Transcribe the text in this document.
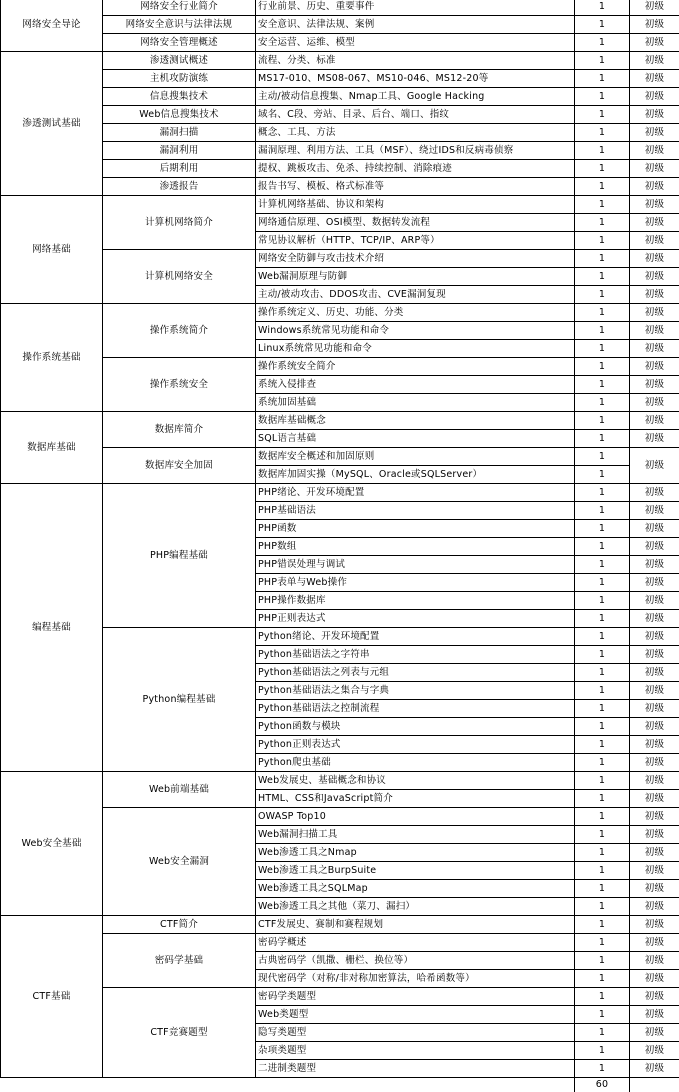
网络安全导论	网络安全行业简介	行业前景、历史、重要事件	1	初级
	网络安全意识与法律法规	安全意识、法律法规、案例	1	初级
	网络安全管理概述	安全运营、运维、模型	1	初级
渗透测试基础	渗透测试概述	流程、分类、标准	1	初级
	主机攻防演练	MS17-010、MS08-067、MS10-046、MS12-20等	1	初级
	信息搜集技术	主动/被动信息搜集、Nmap工具、Google Hacking	1	初级
	Web信息搜集技术	域名、C段、旁站、目录、后台、端口、指纹	1	初级
	漏洞扫描	概念、工具、方法	1	初级
	漏洞利用	漏洞原理、利用方法、工具（MSF）、绕过IDS和反病毒侦察	1	初级
	后期利用	提权、跳板攻击、免杀、持续控制、消除痕迹	1	初级
	渗透报告	报告书写、模板、格式标准等	1	初级
网络基础	计算机网络简介	计算机网络基础、协议和架构	1	初级
		网络通信原理、OSI模型、数据转发流程	1	初级
		常见协议解析（HTTP、TCP/IP、ARP等）	1	初级
	计算机网络安全	网络安全防御与攻击技术介绍	1	初级
		Web漏洞原理与防御	1	初级
		主动/被动攻击、DDOS攻击、CVE漏洞复现	1	初级
操作系统基础	操作系统简介	操作系统定义、历史、功能、分类	1	初级
		Windows系统常见功能和命令	1	初级
		Linux系统常见功能和命令	1	初级
	操作系统安全	操作系统安全简介	1	初级
		系统入侵排查	1	初级
		系统加固基础	1	初级
数据库基础	数据库简介	数据库基础概念	1	初级
		SQL语言基础	1	初级
	数据库安全加固	数据库安全概述和加固原则	1	初级
		数据库加固实操（MySQL、Oracle或SQLServer）	1	
编程基础	PHP编程基础	PHP绪论、开发环境配置	1	初级
		PHP基础语法	1	初级
		PHP函数	1	初级
		PHP数组	1	初级
		PHP错误处理与调试	1	初级
		PHP表单与Web操作	1	初级
		PHP操作数据库	1	初级
		PHP正则表达式	1	初级
	Python编程基础	Python绪论、开发环境配置	1	初级
		Python基础语法之字符串	1	初级
		Python基础语法之列表与元组	1	初级
		Python基础语法之集合与字典	1	初级
		Python基础语法之控制流程	1	初级
		Python函数与模块	1	初级
		Python正则表达式	1	初级
		Python爬虫基础	1	初级
Web安全基础	Web前端基础	Web发展史、基础概念和协议	1	初级
		HTML、CSS和JavaScript简介	1	初级
	Web安全漏洞	OWASP Top10	1	初级
		Web漏洞扫描工具	1	初级
		Web渗透工具之Nmap	1	初级
		Web渗透工具之BurpSuite	1	初级
		Web渗透工具之SQLMap	1	初级
		Web渗透工具之其他（菜刀、漏扫）	1	初级
CTF基础	CTF简介	CTF发展史、赛制和赛程规划	1	初级
	密码学基础	密码学概述	1	初级
		古典密码学（凯撒、栅栏、换位等）	1	初级
		现代密码学（对称/非对称加密算法，哈希函数等）	1	初级
	CTF竞赛题型	密码学类题型	1	初级
		Web类题型	1	初级
		隐写类题型	1	初级
		杂项类题型	1	初级
		二进制类题型	1	初级
			60	
